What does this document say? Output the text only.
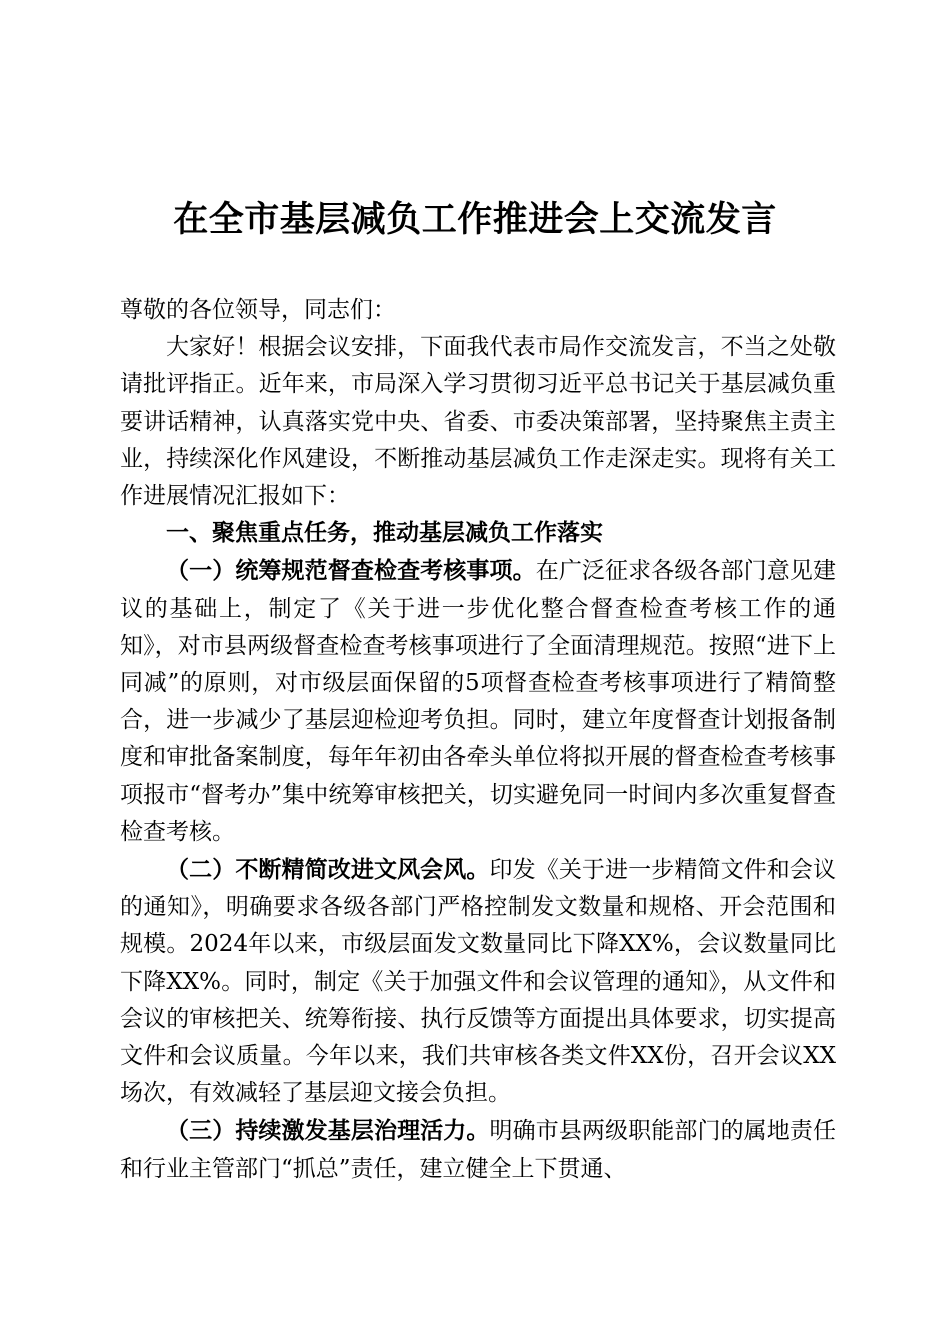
在全市基层减负工作推进会上交流发言

尊敬的各位领导，同志们：

大家好！根据会议安排，下面我代表市局作交流发言，不当之处敬请批评指正。近年来，市局深入学习贯彻习近平总书记关于基层减负重要讲话精神，认真落实党中央、省委、市委决策部署，坚持聚焦主责主业，持续深化作风建设，不断推动基层减负工作走深走实。现将有关工作进展情况汇报如下：

一、聚焦重点任务，推动基层减负工作落实

（一）统筹规范督查检查考核事项。在广泛征求各级各部门意见建议的基础上，制定了《关于进一步优化整合督查检查考核工作的通知》，对市县两级督查检查考核事项进行了全面清理规范。按照“进下上同减”的原则，对市级层面保留的5项督查检查考核事项进行了精简整合，进一步减少了基层迎检迎考负担。同时，建立年度督查计划报备制度和审批备案制度，每年年初由各牵头单位将拟开展的督查检查考核事项报市“督考办”集中统筹审核把关，切实避免同一时间内多次重复督查检查考核。

（二）不断精简改进文风会风。印发《关于进一步精简文件和会议的通知》，明确要求各级各部门严格控制发文数量和规格、开会范围和规模。2024年以来，市级层面发文数量同比下降XX%，会议数量同比下降XX%。同时，制定《关于加强文件和会议管理的通知》，从文件和会议的审核把关、统筹衔接、执行反馈等方面提出具体要求，切实提高文件和会议质量。今年以来，我们共审核各类文件XX份，召开会议XX场次，有效减轻了基层迎文接会负担。

（三）持续激发基层治理活力。明确市县两级职能部门的属地责任和行业主管部门“抓总”责任，建立健全上下贯通、
